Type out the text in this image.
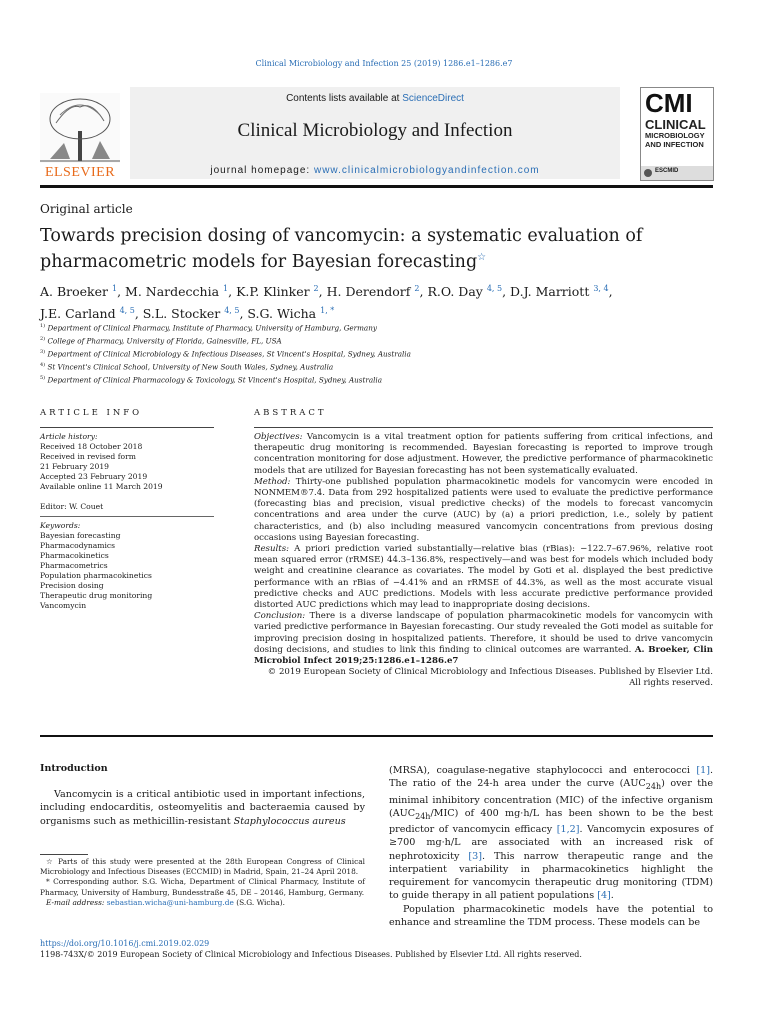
Clinical Microbiology and Infection 25 (2019) 1286.e1–1286.e7
ELSEVIER
Contents lists available at ScienceDirect
Clinical Microbiology and Infection
journal homepage: www.clinicalmicrobiologyandinfection.com
CMI
CLINICAL
MICROBIOLOGY
AND INFECTION
ESCMID
Original article
Towards precision dosing of vancomycin: a systematic evaluation of pharmacometric models for Bayesian forecasting☆
A. Broeker $^1$, M. Nardecchia $^1$, K.P. Klinker $^2$, H. Derendorf $^2$, R.O. Day $^{4, 5}$, D.J. Marriott $^{3, 4}$,
J.E. Carland $^{4, 5}$, S.L. Stocker $^{4, 5}$, S.G. Wicha $^{1, *}$
$^{1)}$ Department of Clinical Pharmacy, Institute of Pharmacy, University of Hamburg, Germany
$^{2)}$ College of Pharmacy, University of Florida, Gainesville, FL, USA
$^{3)}$ Department of Clinical Microbiology & Infectious Diseases, St Vincent's Hospital, Sydney, Australia
$^{4)}$ St Vincent's Clinical School, University of New South Wales, Sydney, Australia
$^{5)}$ Department of Clinical Pharmacology & Toxicology, St Vincent's Hospital, Sydney, Australia
ARTICLE INFO	ABSTRACT
Article history:
Received 18 October 2018
Received in revised form
21 February 2019
Accepted 23 February 2019
Available online 11 March 2019
Editor: W. Couet
Keywords:
Bayesian forecasting
Pharmacodynamics
Pharmacokinetics
Pharmacometrics
Population pharmacokinetics
Precision dosing
Therapeutic drug monitoring
Vancomycin

Objectives: Vancomycin is a vital treatment option for patients suffering from critical infections, and therapeutic drug monitoring is recommended. Bayesian forecasting is reported to improve trough concentration monitoring for dose adjustment. However, the predictive performance of pharmacokinetic models that are utilized for Bayesian forecasting has not been systematically evaluated.

Method: Thirty-one published population pharmacokinetic models for vancomycin were encoded in NONMEM®7.4. Data from 292 hospitalized patients were used to evaluate the predictive performance (forecasting bias and precision, visual predictive checks) of the models to forecast vancomycin concentrations and area under the curve (AUC) by (a) a priori prediction, i.e., solely by patient characteristics, and (b) also including measured vancomycin concentrations from previous dosing occasions using Bayesian forecasting.

Results: A priori prediction varied substantially—relative bias (rBias): −122.7–67.96%, relative root mean squared error (rRMSE) 44.3–136.8%, respectively—and was best for models which included body weight and creatinine clearance as covariates. The model by Goti et al. displayed the best predictive performance with an rBias of −4.41% and an rRMSE of 44.3%, as well as the most accurate visual predictive checks and AUC predictions. Models with less accurate predictive performance provided distorted AUC predictions which may lead to inappropriate dosing decisions.

Conclusion: There is a diverse landscape of population pharmacokinetic models for vancomycin with varied predictive performance in Bayesian forecasting. Our study revealed the Goti model as suitable for improving precision dosing in hospitalized patients. Therefore, it should be used to drive vancomycin dosing decisions, and studies to link this finding to clinical outcomes are warranted. A. Broeker, Clin Microbiol Infect 2019;25:1286.e1–1286.e7

© 2019 European Society of Clinical Microbiology and Infectious Diseases. Published by Elsevier Ltd. All rights reserved.

Introduction
Vancomycin is a critical antibiotic used in important infections, including endocarditis, osteomyelitis and bacteraemia caused by organisms such as methicillin-resistant Staphylococcus aureus

☆ Parts of this study were presented at the 28th European Congress of Clinical Microbiology and Infectious Diseases (ECCMID) in Madrid, Spain, 21–24 April 2018.

* Corresponding author. S.G. Wicha, Department of Clinical Pharmacy, Institute of Pharmacy, University of Hamburg, Bundesstraße 45, DE – 20146, Hamburg, Germany.

E-mail address: sebastian.wicha@uni-hamburg.de (S.G. Wicha).

(MRSA), coagulase-negative staphylococci and enterococci [1]. The ratio of the 24-h area under the curve $(AUC_{24h})$ over the minimal inhibitory concentration (MIC) of the infective organism $(AUC_{24h}/MIC)$ of 400 mg·h/L has been shown to be the best predictor of vancomycin efficacy [1,2]. Vancomycin exposures of ≥700 mg·h/L are associated with an increased risk of nephrotoxicity [3]. This narrow therapeutic range and the interpatient variability in pharmacokinetics highlight the requirement for vancomycin therapeutic drug monitoring (TDM) to guide therapy in all patient populations [4].

Population pharmacokinetic models have the potential to enhance and streamline the TDM process. These models can be

https://doi.org/10.1016/j.cmi.2019.02.029
1198-743X/© 2019 European Society of Clinical Microbiology and Infectious Diseases. Published by Elsevier Ltd. All rights reserved.
